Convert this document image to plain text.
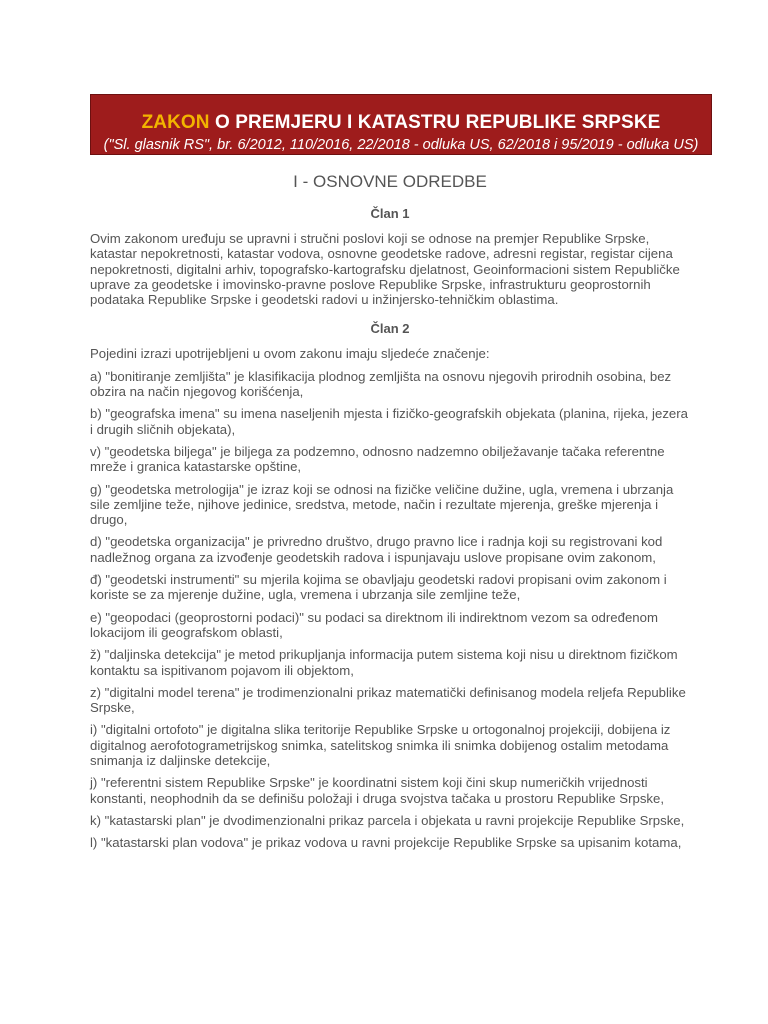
ZAKON O PREMJERU I KATASTRU REPUBLIKE SRPSKE
("Sl. glasnik RS", br. 6/2012, 110/2016, 22/2018 - odluka US, 62/2018 i 95/2019 - odluka US)
I - OSNOVNE ODREDBE
Član 1

Ovim zakonom uređuju se upravni i stručni poslovi koji se odnose na premjer Republike Srpske, katastar nepokretnosti, katastar vodova, osnovne geodetske radove, adresni registar, registar cijena nepokretnosti, digitalni arhiv, topografsko-kartografsku djelatnost, Geoinformacioni sistem Republičke uprave za geodetske i imovinsko-pravne poslove Republike Srpske, infrastrukturu geoprostornih podataka Republike Srpske i geodetski radovi u inžinjersko-tehničkim oblastima.

Član 2

Pojedini izrazi upotrijebljeni u ovom zakonu imaju sljedeće značenje:

a) "bonitiranje zemljišta" je klasifikacija plodnog zemljišta na osnovu njegovih prirodnih osobina, bez obzira na način njegovog korišćenja,

b) "geografska imena" su imena naseljenih mjesta i fizičko-geografskih objekata (planina, rijeka, jezera i drugih sličnih objekata),

v) "geodetska biljega" je biljega za podzemno, odnosno nadzemno obilježavanje tačaka referentne mreže i granica katastarske opštine,

g) "geodetska metrologija" je izraz koji se odnosi na fizičke veličine dužine, ugla, vremena i ubrzanja sile zemljine teže, njihove jedinice, sredstva, metode, način i rezultate mjerenja, greške mjerenja i drugo,

d) "geodetska organizacija" je privredno društvo, drugo pravno lice i radnja koji su registrovani kod nadležnog organa za izvođenje geodetskih radova i ispunjavaju uslove propisane ovim zakonom,

đ) "geodetski instrumenti" su mjerila kojima se obavljaju geodetski radovi propisani ovim zakonom i koriste se za mjerenje dužine, ugla, vremena i ubrzanja sile zemljine teže,

e) "geopodaci (geoprostorni podaci)" su podaci sa direktnom ili indirektnom vezom sa određenom lokacijom ili geografskom oblasti,

ž) "daljinska detekcija" je metod prikupljanja informacija putem sistema koji nisu u direktnom fizičkom kontaktu sa ispitivanom pojavom ili objektom,

z) "digitalni model terena" je trodimenzionalni prikaz matematički definisanog modela reljefa Republike Srpske,

i) "digitalni ortofoto" je digitalna slika teritorije Republike Srpske u ortogonalnoj projekciji, dobijena iz digitalnog aerofotogrametrijskog snimka, satelitskog snimka ili snimka dobijenog ostalim metodama snimanja iz daljinske detekcije,

j) "referentni sistem Republike Srpske" je koordinatni sistem koji čini skup numeričkih vrijednosti konstanti, neophodnih da se definišu položaji i druga svojstva tačaka u prostoru Republike Srpske,

k) "katastarski plan" je dvodimenzionalni prikaz parcela i objekata u ravni projekcije Republike Srpske,

l) "katastarski plan vodova" je prikaz vodova u ravni projekcije Republike Srpske sa upisanim kotama,
